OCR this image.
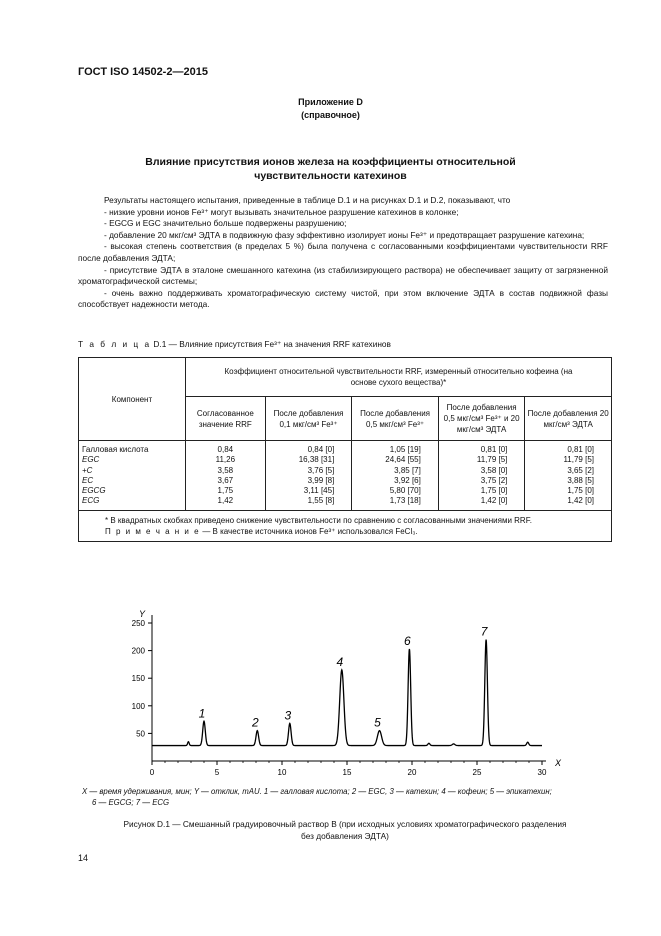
ГОСТ ISO 14502-2—2015
Приложение D
(справочное)
Влияние присутствия ионов железа на коэффициенты относительной
чувствительности катехинов

Результаты настоящего испытания, приведенные в таблице D.1 и на рисунках D.1 и D.2, показывают, что

- низкие уровни ионов Fe³⁺ могут вызывать значительное разрушение катехинов в колонке;

- EGCG и EGC значительно больше подвержены разрушению;

- добавление 20 мкг/см³ ЭДТА в подвижную фазу эффективно изолирует ионы Fe³⁺ и предотвращает разрушение катехина;

- высокая степень соответствия (в пределах 5 %) была получена с согласованными коэффициентами чувствительности RRF после добавления ЭДТА;

- присутствие ЭДТА в эталоне смешанного катехина (из стабилизирующего раствора) не обеспечивает защиту от загрязненной хроматографической системы;

- очень важно поддерживать хроматографическую систему чистой, при этом включение ЭДТА в состав подвижной фазы способствует надежности метода.

Т а б л и ц а D.1 — Влияние присутствия Fe³⁺ на значения RRF катехинов
Компонент	Коэффициент относительной чувствительности RRF, измеренный относительно кофеина (на основе сухого вещества)*				
	Согласованное значение RRF	После добавления 0,1 мкг/см³ Fe³⁺	После добавления 0,5 мкг/см³ Fe³⁺	После добавления 0,5 мкг/см³ Fe³⁺ и 20 мкг/см³ ЭДТА	После добавления 20 мкг/см³ ЭДТА
Галловая кислота	0,84	0,84 [0]	1,05 [19]	0,81 [0]	0,81 [0]

EGC	11,26	16,38 [31]	24,64 [55]	11,79 [5]	11,79 [5]

+C	3,58	3,76 [5]	3,85 [7]	3,58 [0]	3,65 [2]

EC	3,67	3,99 [8]	3,92 [6]	3,75 [2]	3,88 [5]

EGCG	1,75	3,11 [45]	5,80 [70]	1,75 [0]	1,75 [0]

ECG	1,42	1,55 [8]	1,73 [18]	1,42 [0]	1,42 [0]

* В квадратных скобках приведено снижение чувствительности по сравнению с согласованными значениями RRF.
П р и м е ч а н и е — В качестве источника ионов Fe³⁺ использовался FeCl₃.					
Y
X
0	5	10	15	20	25	30
50
100
150
200
250
1
2
3
4
5
6
7
X — время удерживания, мин; Y — отклик, mAU. 1 — галловая кислота; 2 — EGC, 3 — катехин; 4 — кофеин; 5 — эпикатехин;
6 — EGCG; 7 — ECG
Рисунок D.1 — Смешанный градуировочный раствор B (при исходных условиях хроматографического разделения
без добавления ЭДТА)
14
